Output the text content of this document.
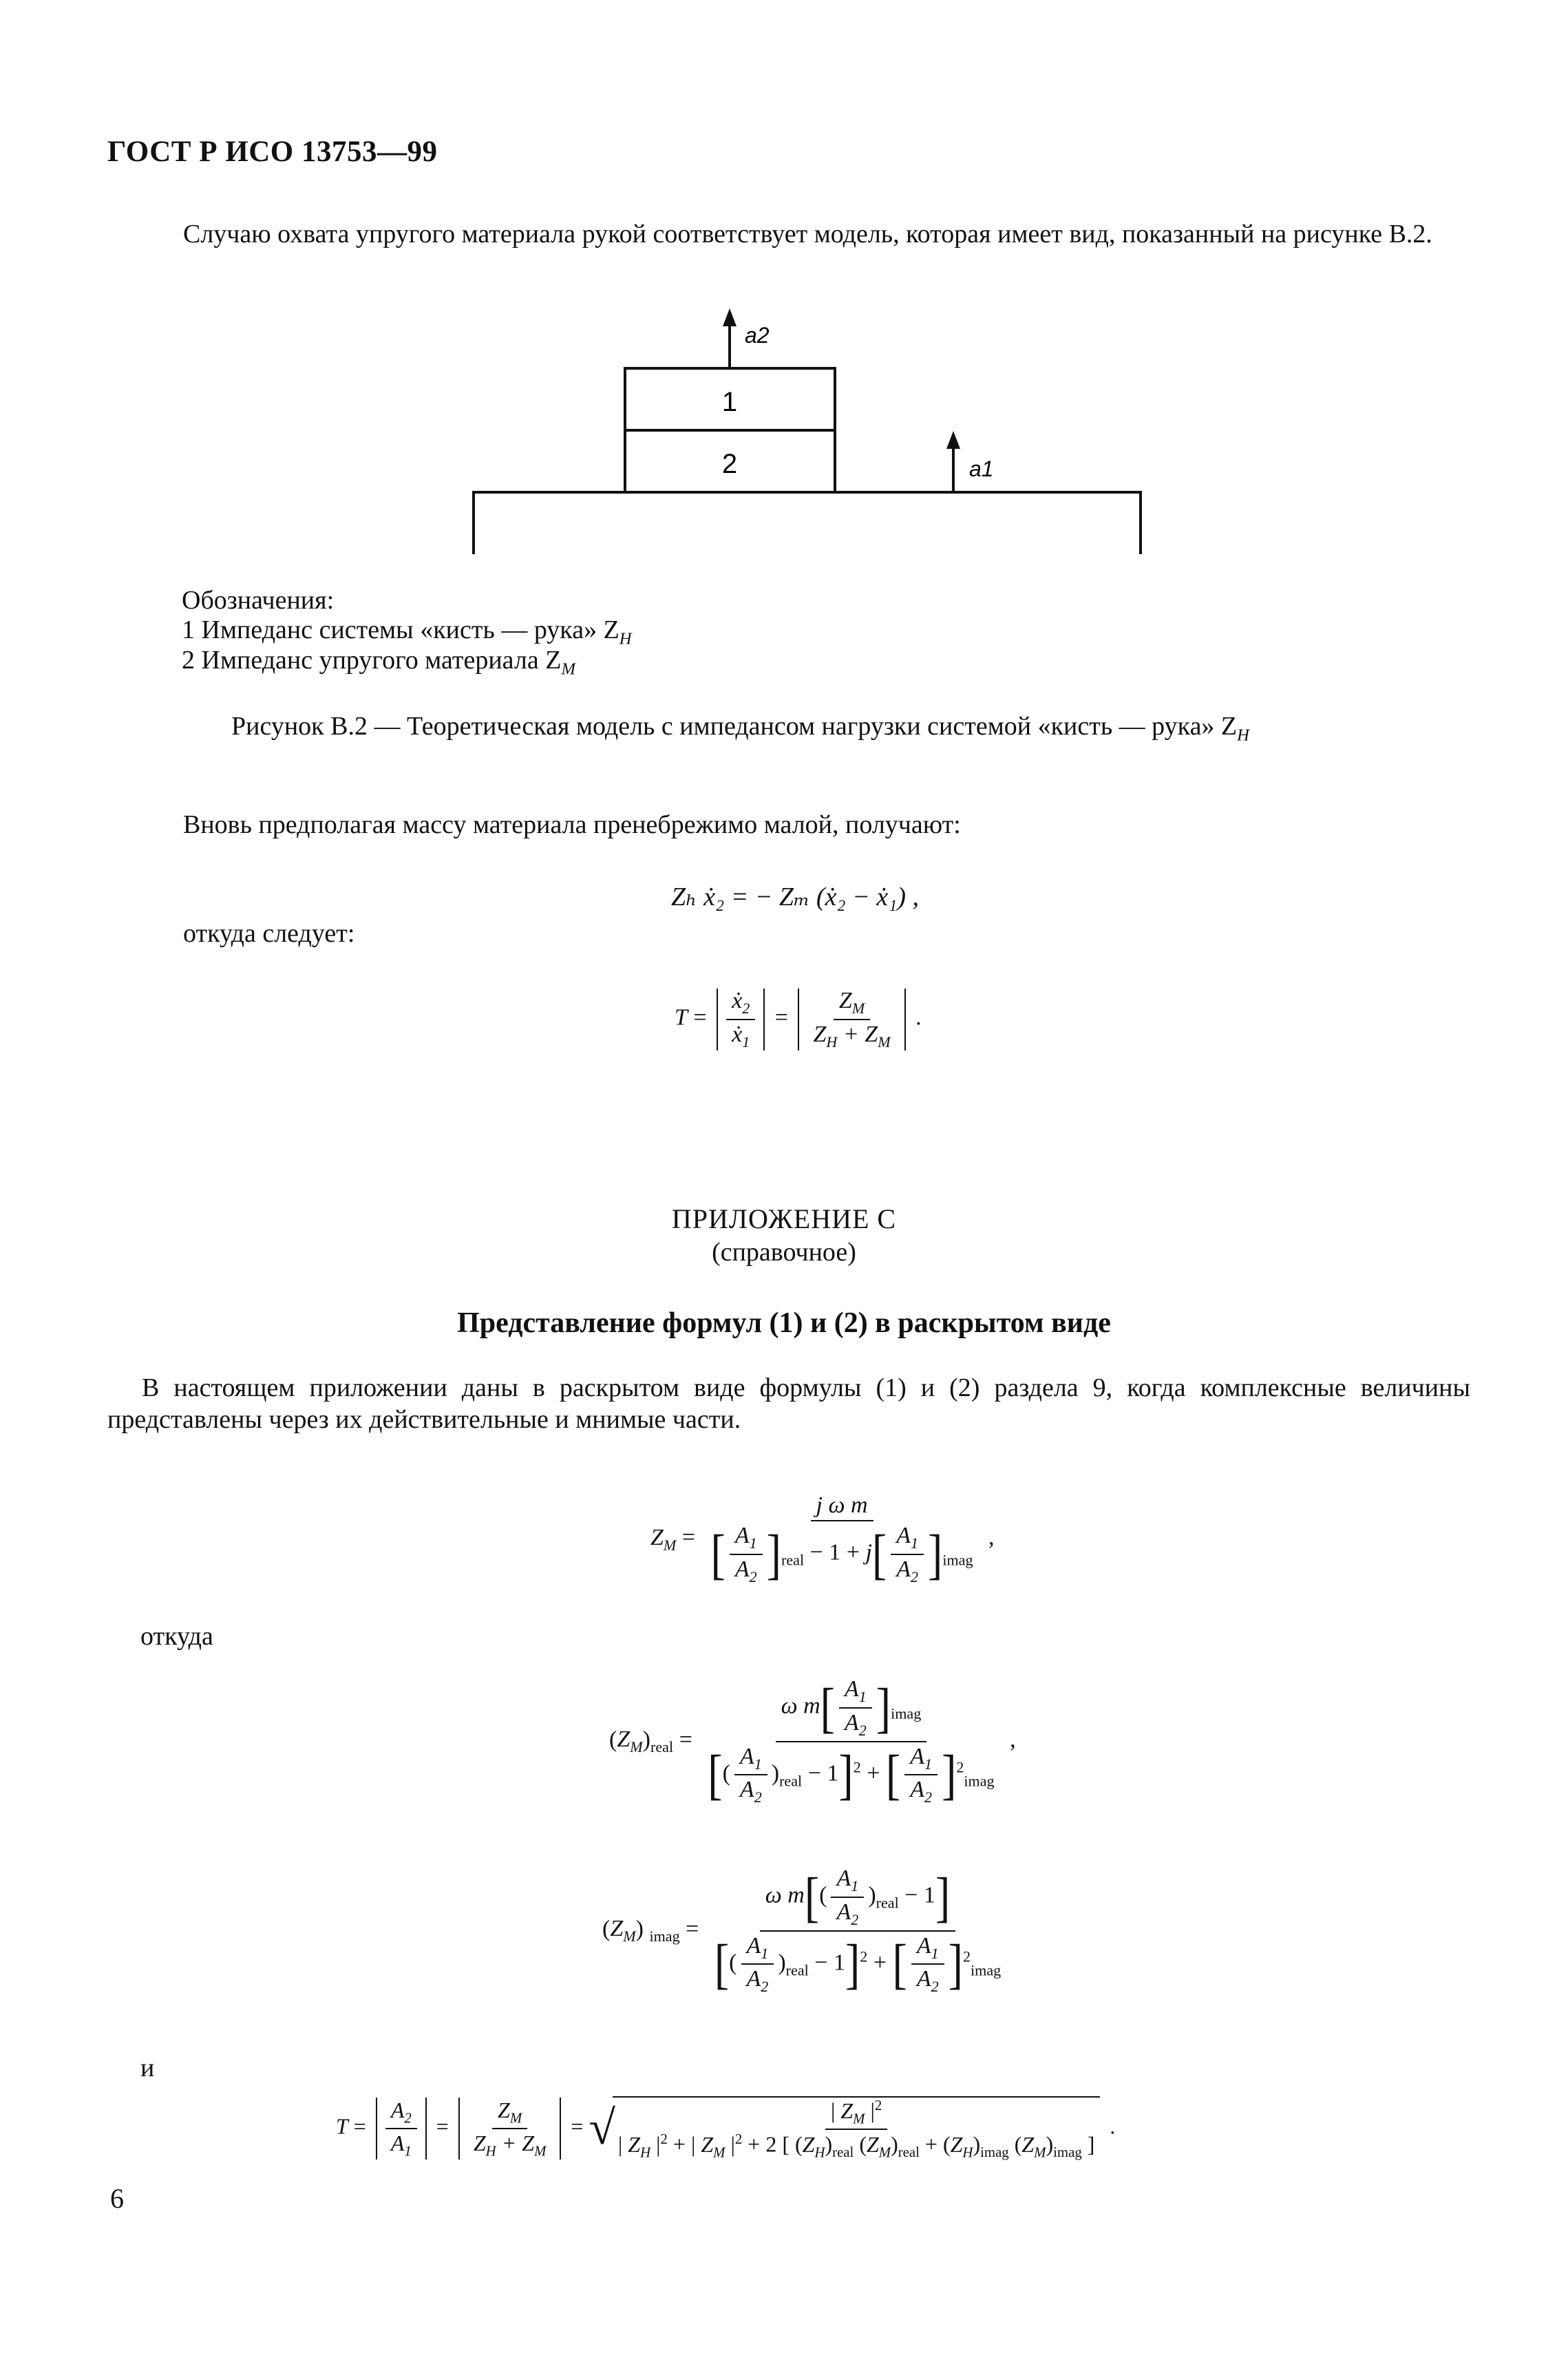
ГОСТ Р ИСО 13753—99
Случаю охвата упругого материала рукой соответствует модель, которая имеет вид, показанный на рисунке В.2.
1
2
a2
a1
Обозначения:
1 Импеданс системы «кисть — рука» $Z_H$
2 Импеданс упругого материала $Z_M$
Рисунок В.2 — Теоретическая модель с импедансом нагрузки системой «кисть — рука» $Z_H$
Вновь предполагая массу материала пренебрежимо малой, получают:
Zₕ ẋ₂ = − Zₘ (ẋ₂ − ẋ₁) ,
откуда следует:
$T = \frac{ẋ_2}{ẋ_1} = \frac{Z_M}{Z_H + Z_M}$ .
ПРИЛОЖЕНИЕ С
(справочное)
Представление формул (1) и (2) в раскрытом виде
В настоящем приложении даны в раскрытом виде формулы (1) и (2) раздела 9, когда комплексные величины представлены через их действительные и мнимые части.
$Z_M = \frac{\text{j ω m}}{[ \frac{A_1}{A_2} ]_{real} - 1 + j[ \frac{A_1}{A_2} ]_{imag}}$ ,
откуда
$(Z_M)_{real} = \frac{\omega m[ \frac{A_1}{A_2} ]_{imag}}{[( \frac{A_1}{A_2} )_{real} - 1]^2 + [ \frac{A_1}{A_2} ]^2_{imag}}$ ,
$(Z_M) _{imag} = \frac{\omega m[( \frac{A_1}{A_2} )_{real} - 1]}{[( \frac{A_1}{A_2} )_{real} - 1]^2 + [ \frac{A_1}{A_2} ]^2_{imag}}$
и
$T = \frac{A_2}{A_1} = \frac{Z_M}{Z_H + Z_M}$ = √	| $Z_M$ $|^2$
| $Z_H$ $|^2$ + | $Z_M$ $|^2 + 2$ [ $(Z_H)_{real}$ $(Z_M)_{real} + (Z_H)_{imag}$ $(Z_M)_{imag}$ ]
.
6
